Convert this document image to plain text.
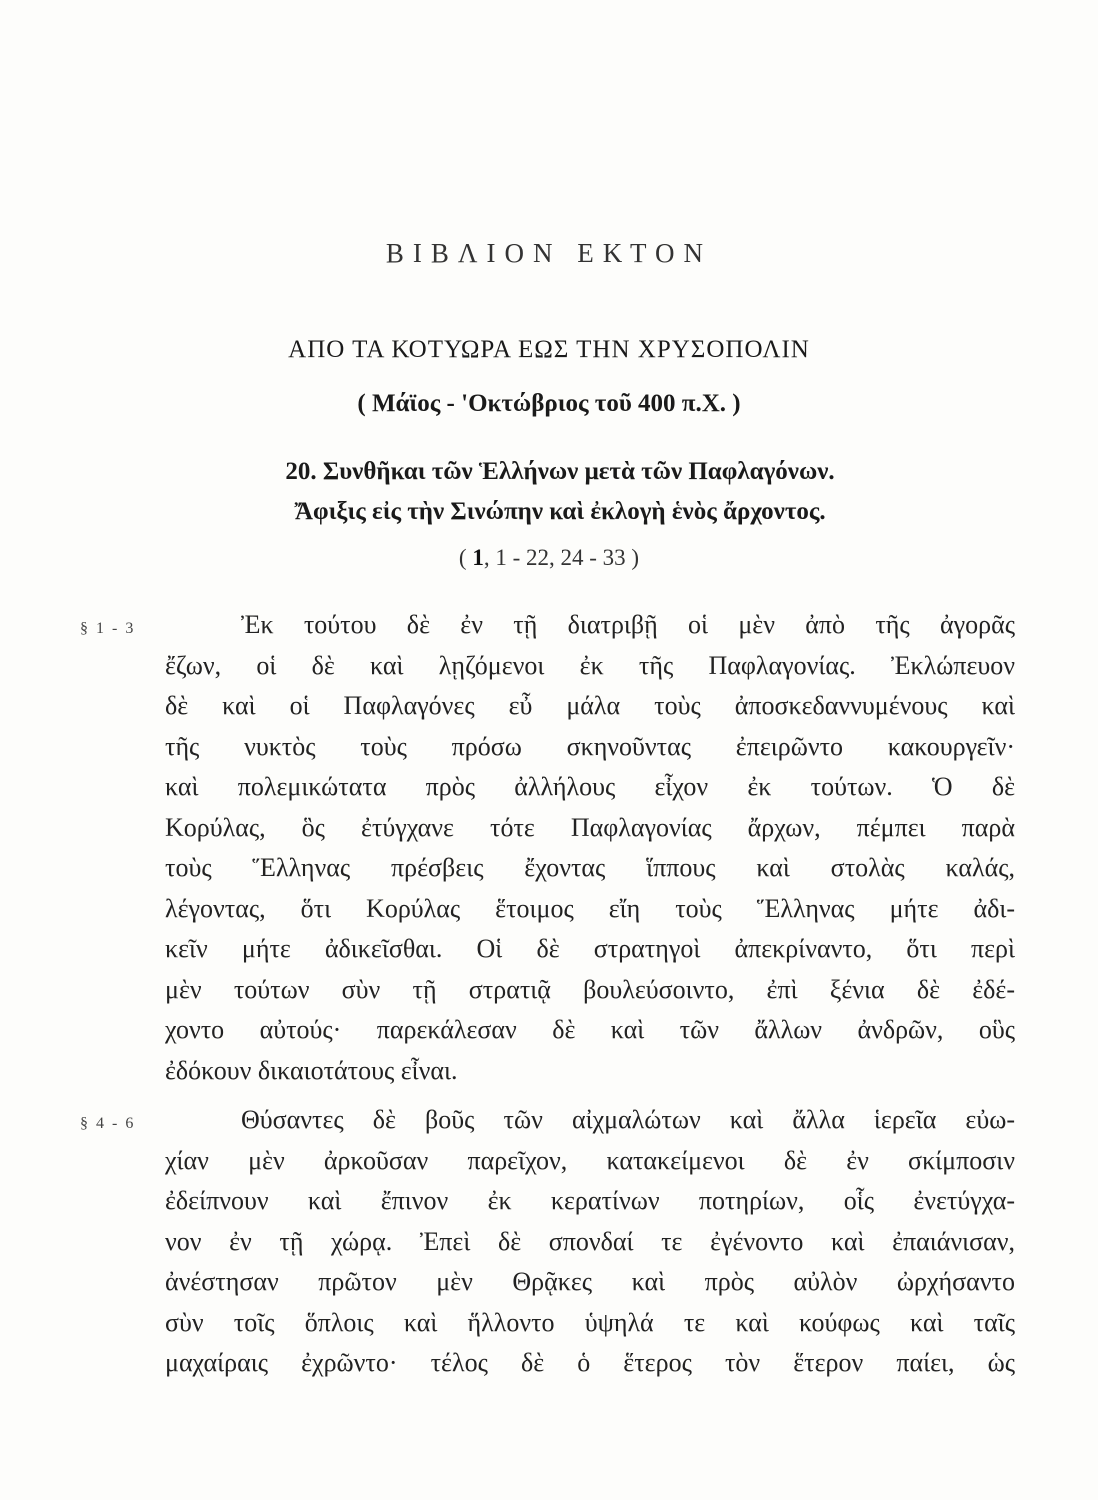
ΒΙΒΛΙΟΝ ΕΚΤΟΝ
ΑΠΟ ΤΑ ΚΟΤΥΩΡΑ ΕΩΣ ΤΗΝ ΧΡΥΣΟΠΟΛΙΝ
( Μάϊος - 'Οκτώβριος τοῦ 400 π.Χ. )
20. Συνθῆκαι τῶν Ἑλλήνων μετὰ τῶν Παφλαγόνων.
Ἄφιξις εἰς τὴν Σινώπην καὶ ἐκλογὴ ἑνὸς ἄρχοντος.
( 1, 1 - 22, 24 - 33 )
§ 1 - 3	Ἐκ τούτου δὲ ἐν τῇ διατριβῇ οἱ μὲν ἀπὸ τῆς ἀγορᾶς
ἔζων, οἱ δὲ καὶ λῃζόμενοι ἐκ τῆς Παφλαγονίας. Ἐκλώπευον
δὲ καὶ οἱ Παφλαγόνες εὖ μάλα τοὺς ἀποσκεδαννυμένους καὶ
τῆς νυκτὸς τοὺς πρόσω σκηνοῦντας ἐπειρῶντο κακουργεῖν·
καὶ πολεμικώτατα πρὸς ἀλλήλους εἶχον ἐκ τούτων. Ὁ δὲ
Κορύλας, ὃς ἐτύγχανε τότε Παφλαγονίας ἄρχων, πέμπει παρὰ
τοὺς Ἕλληνας πρέσβεις ἔχοντας ἵππους καὶ στολὰς καλάς,
λέγοντας, ὅτι Κορύλας ἕτοιμος εἴη τοὺς Ἕλληνας μήτε ἀδι-
κεῖν μήτε ἀδικεῖσθαι. Οἱ δὲ στρατηγοὶ ἀπεκρίναντο, ὅτι περὶ
μὲν τούτων σὺν τῇ στρατιᾷ βουλεύσοιντο, ἐπὶ ξένια δὲ ἐδέ-
χοντο αὐτούς· παρεκάλεσαν δὲ καὶ τῶν ἄλλων ἀνδρῶν, οὓς
ἐδόκουν δικαιοτάτους εἶναι.
§ 4 - 6	Θύσαντες δὲ βοῦς τῶν αἰχμαλώτων καὶ ἄλλα ἱερεῖα εὐω-
χίαν μὲν ἀρκοῦσαν παρεῖχον, κατακείμενοι δὲ ἐν σκίμποσιν
ἐδείπνουν καὶ ἔπινον ἐκ κερατίνων ποτηρίων, οἷς ἐνετύγχα-
νον ἐν τῇ χώρᾳ. Ἐπεὶ δὲ σπονδαί τε ἐγένοντο καὶ ἐπαιάνισαν,
ἀνέστησαν πρῶτον μὲν Θρᾷκες καὶ πρὸς αὐλὸν ὠρχήσαντο
σὺν τοῖς ὅπλοις καὶ ἥλλοντο ὑψηλά τε καὶ κούφως καὶ ταῖς
μαχαίραις ἐχρῶντο· τέλος δὲ ὁ ἕτερος τὸν ἕτερον παίει, ὡς
